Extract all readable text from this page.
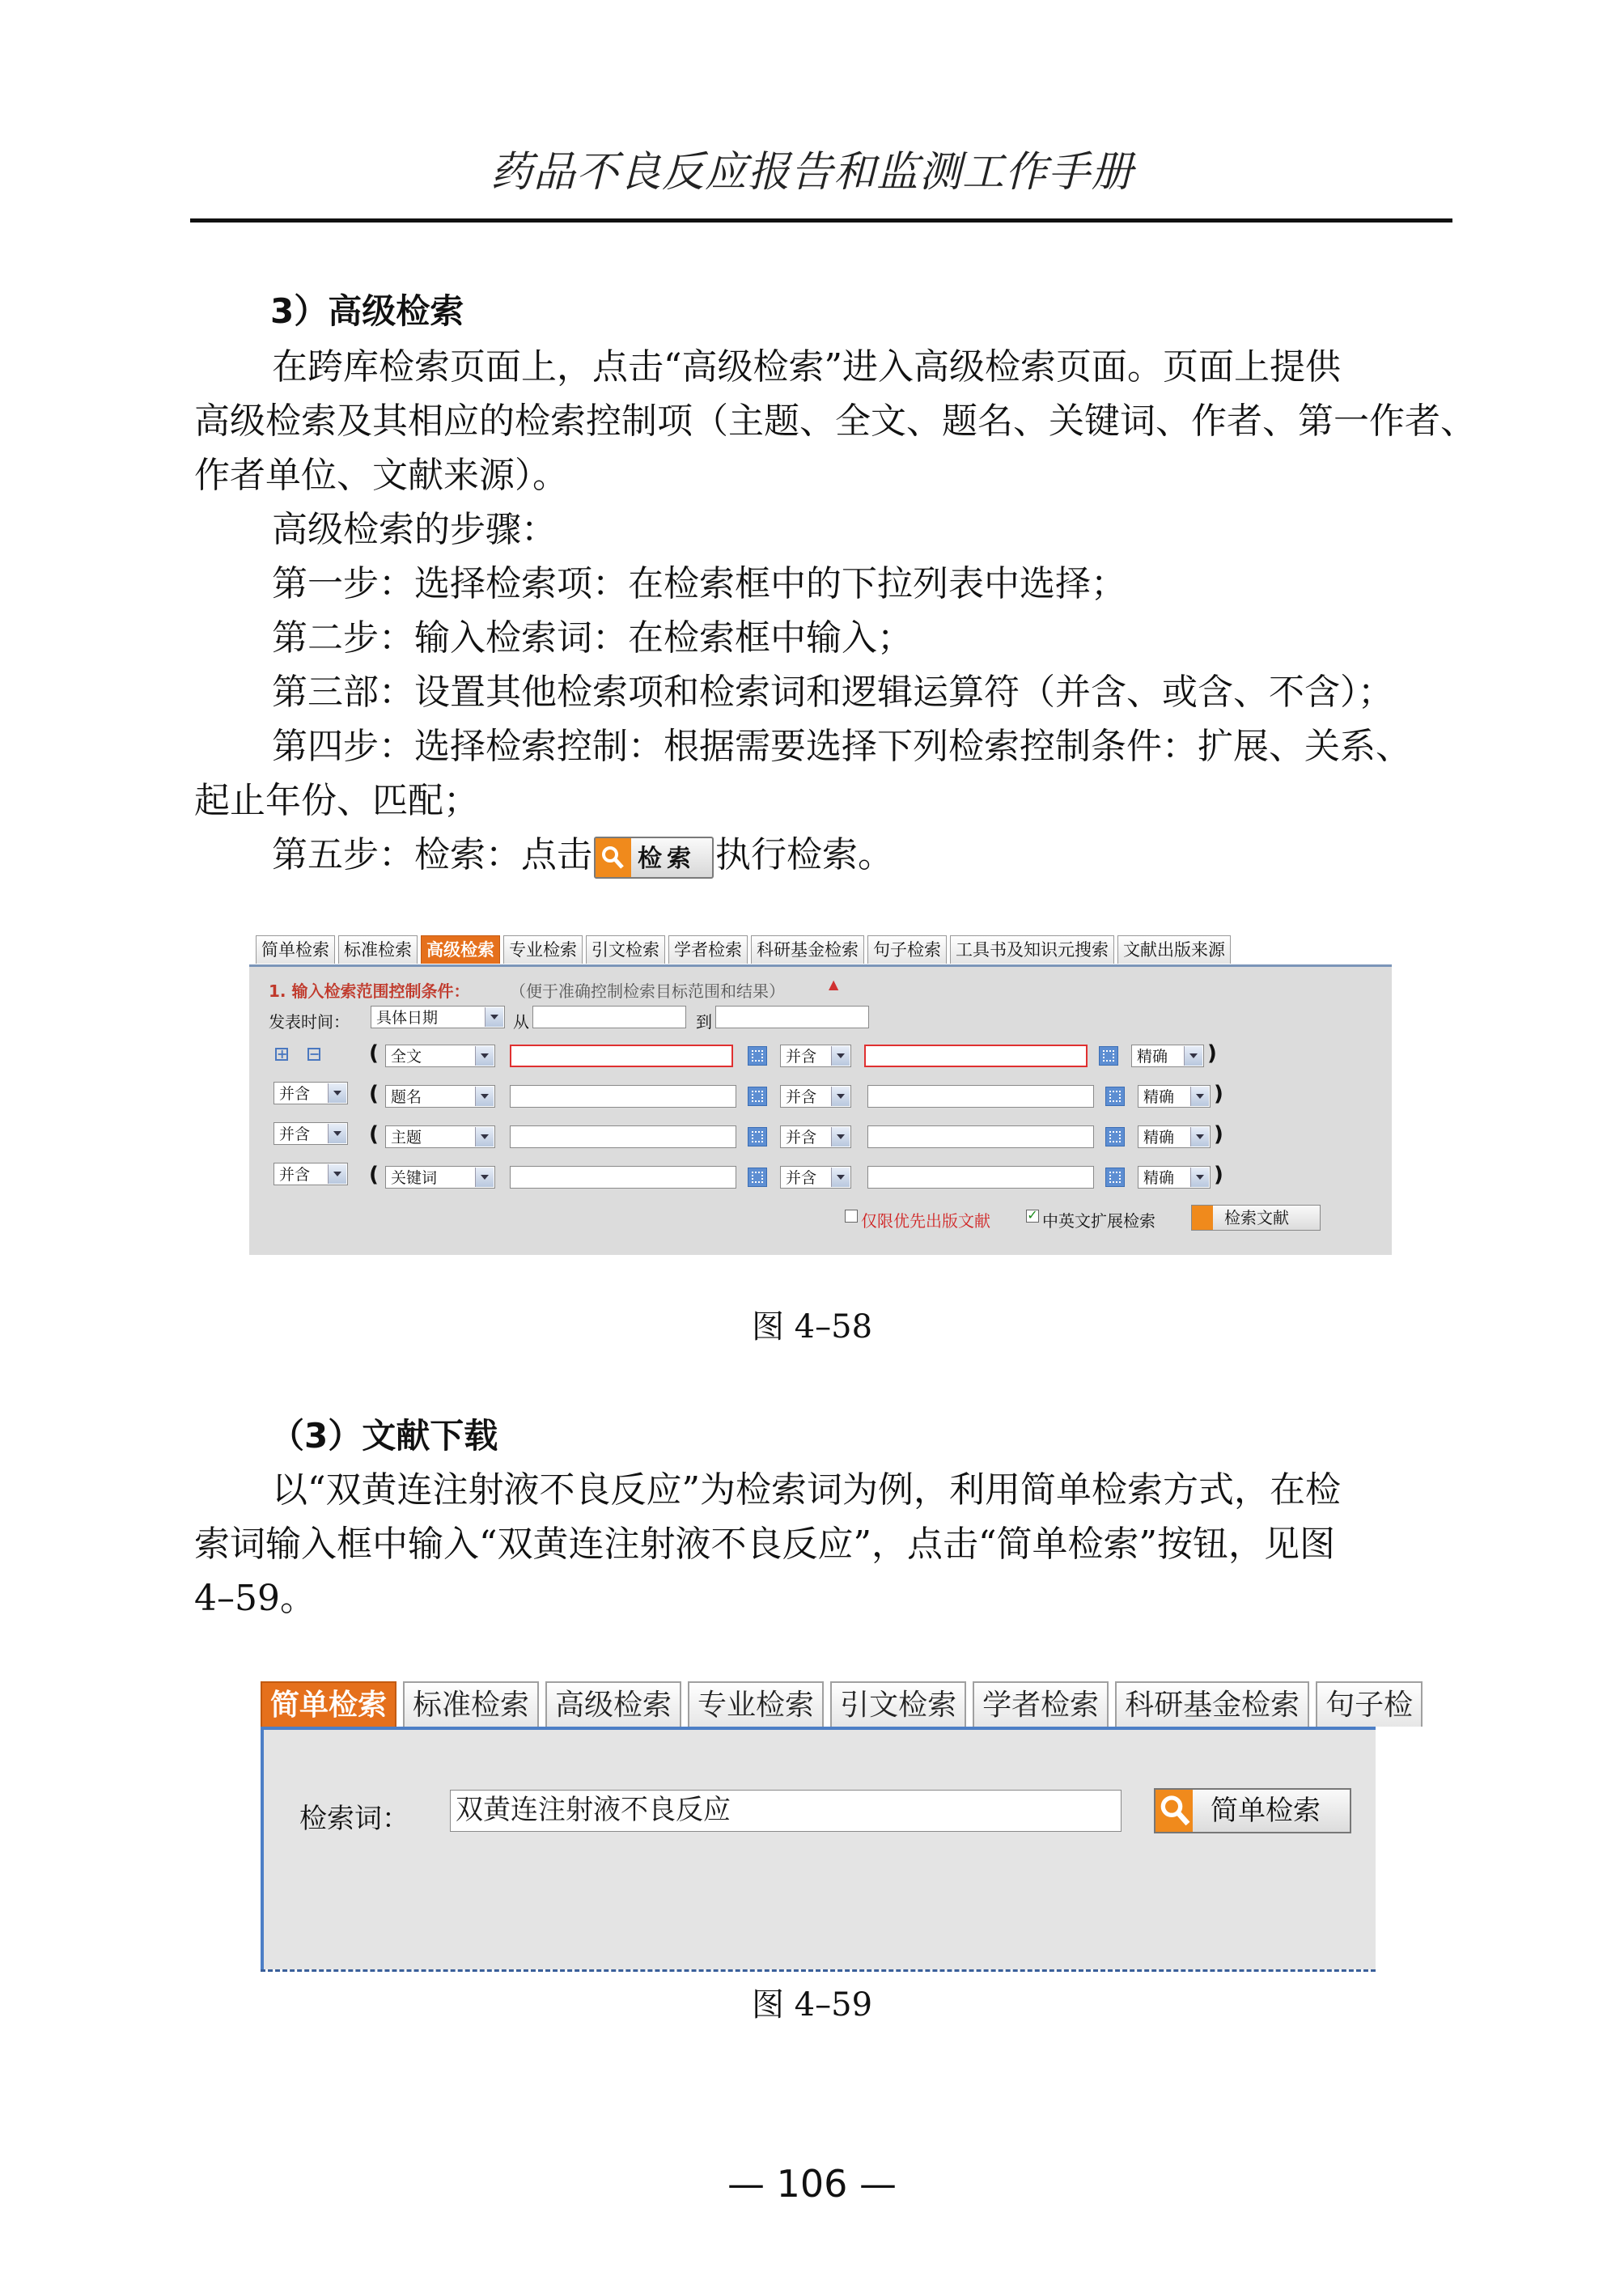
药品不良反应报告和监测工作手册
3）高级检索

在跨库检索页面上，点击“高级检索”进入高级检索页面。页面上提供

高级检索及其相应的检索控制项（主题、全文、题名、关键词、作者、第一作者、

作者单位、文献来源）。

高级检索的步骤：

第一步：选择检索项：在检索框中的下拉列表中选择；

第二步：输入检索词：在检索框中输入；

第三部：设置其他检索项和检索词和逻辑运算符（并含、或含、不含）；

第四步：选择检索控制：根据需要选择下列检索控制条件：扩展、关系、

起止年份、匹配；

第五步：检索：点击 检索 执行检索。

简单检索 标准检索 高级检索 专业检索 引文检索 学者检索 科研基金检索 句子检索 工具书及知识元搜索 文献出版来源
1. 输入检索范围控制条件： （便于准确控制检索目标范围和结果）	▲
发表时间：	具体日期	从	到
+ − ( 全文	并含	精确	)
并含	( 题名	并含	精确	)
并含	( 主题	并含	精确	)
并含	( 关键词	并含	精确	)
仅限优先出版文献	✓ 中英文扩展检索	检索文献
图 4–58
（3）文献下载

以“双黄连注射液不良反应”为检索词为例，利用简单检索方式，在检

索词输入框中输入“双黄连注射液不良反应”，点击“简单检索”按钮，见图

4–59。

简单检索 标准检索 高级检索 专业检索 引文检索 学者检索 科研基金检索 句子检
检索词： 双黄连注射液不良反应	简单检索
图 4–59
— 106 —
